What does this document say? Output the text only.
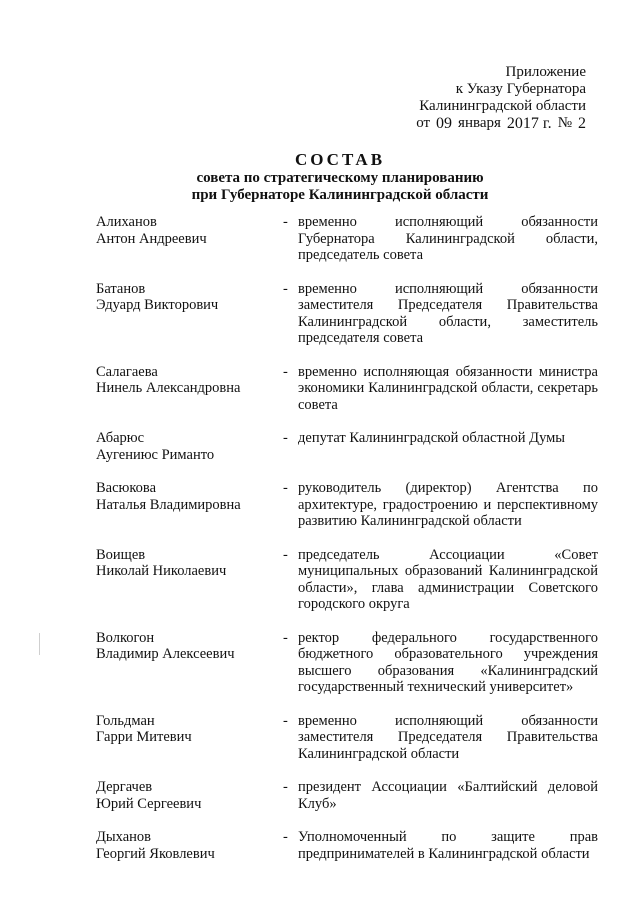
Приложение
к Указу Губернатора
Калининградской области
от 09 января 2017 г. № 2
СОСТАВ
совета по стратегическому планированию
при Губернаторе Калининградской области
Алиханов
Антон Андреевич
- временно исполняющий обязанности Губернатора Калининградской области, председатель совета
Батанов
Эдуард Викторович
- временно исполняющий обязанности заместителя Председателя Правительства Калининградской области, заместитель председателя совета
Салагаева
Нинель Александровна
- временно исполняющая обязанности министра экономики Калининградской области, секретарь совета
Абарюс
Аугениюс Риманто
- депутат Калининградской областной Думы
Васюкова
Наталья Владимировна
- руководитель (директор) Агентства по архитектуре, градостроению и перспективному развитию Калининградской области
Воищев
Николай Николаевич
- председатель Ассоциации «Совет муниципальных образований Калининградской области», глава администрации Советского городского округа
Волкогон
Владимир Алексеевич
- ректор федерального государственного бюджетного образовательного учреждения высшего образования «Калининградский государственный технический университет»
Гольдман
Гарри Митевич
- временно исполняющий обязанности заместителя Председателя Правительства Калининградской области
Дергачев
Юрий Сергеевич
- президент Ассоциации «Балтийский деловой Клуб»
Дыханов
Георгий Яковлевич
- Уполномоченный по защите прав предпринимателей в Калининградской области
